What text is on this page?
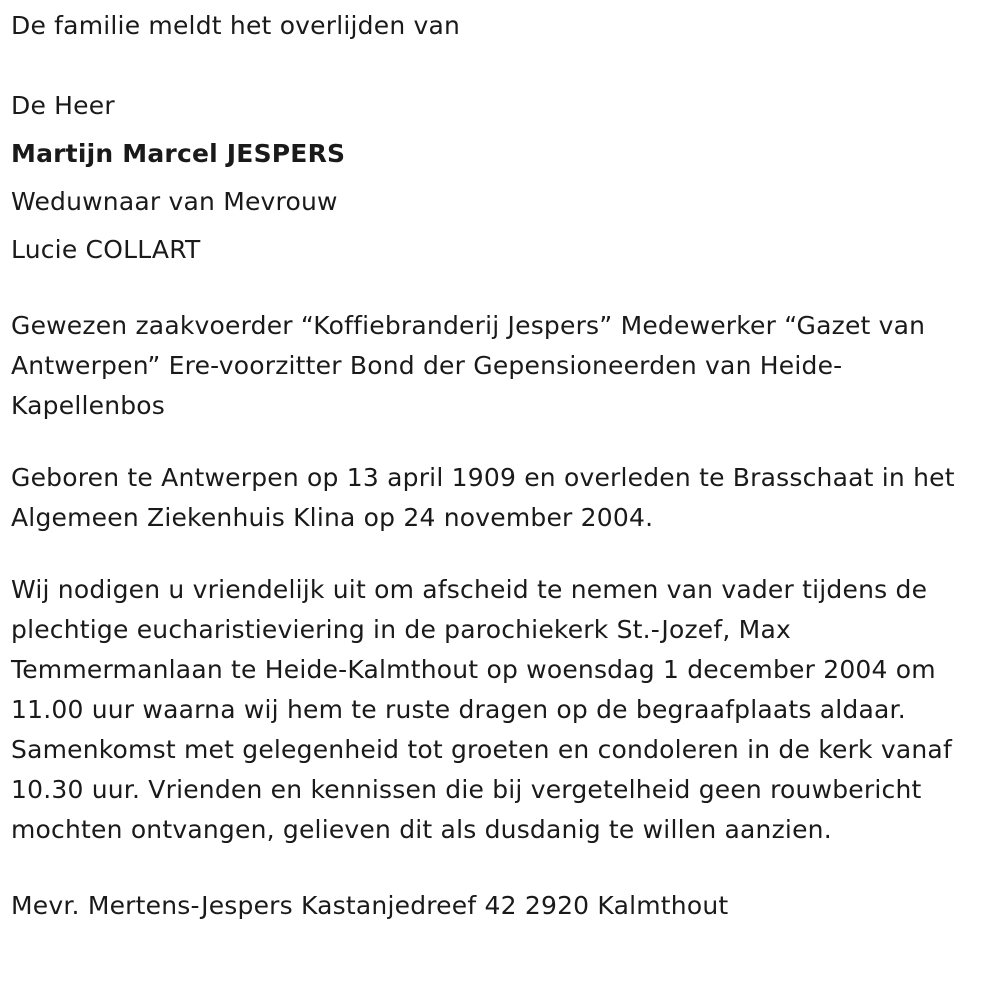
De familie meldt het overlijden van
De Heer
Martijn Marcel JESPERS
Weduwnaar van Mevrouw
Lucie COLLART
Gewezen zaakvoerder “Koffiebranderij Jespers” Medewerker “Gazet van Antwerpen” Ere-voorzitter Bond der Gepensioneerden van Heide-Kapellenbos
Geboren te Antwerpen op 13 april 1909 en overleden te Brasschaat in het Algemeen Ziekenhuis Klina op 24 november 2004.
Wij nodigen u vriendelijk uit om afscheid te nemen van vader tijdens de plechtige eucharistieviering in de parochiekerk St.-Jozef, Max Temmermanlaan te Heide-Kalmthout op woensdag 1 december 2004 om 11.00 uur waarna wij hem te ruste dragen op de begraafplaats aldaar. Samenkomst met gelegenheid tot groeten en condoleren in de kerk vanaf 10.30 uur. Vrienden en kennissen die bij vergetelheid geen rouwbericht mochten ontvangen, gelieven dit als dusdanig te willen aanzien.
Mevr. Mertens-Jespers Kastanjedreef 42 2920 Kalmthout
